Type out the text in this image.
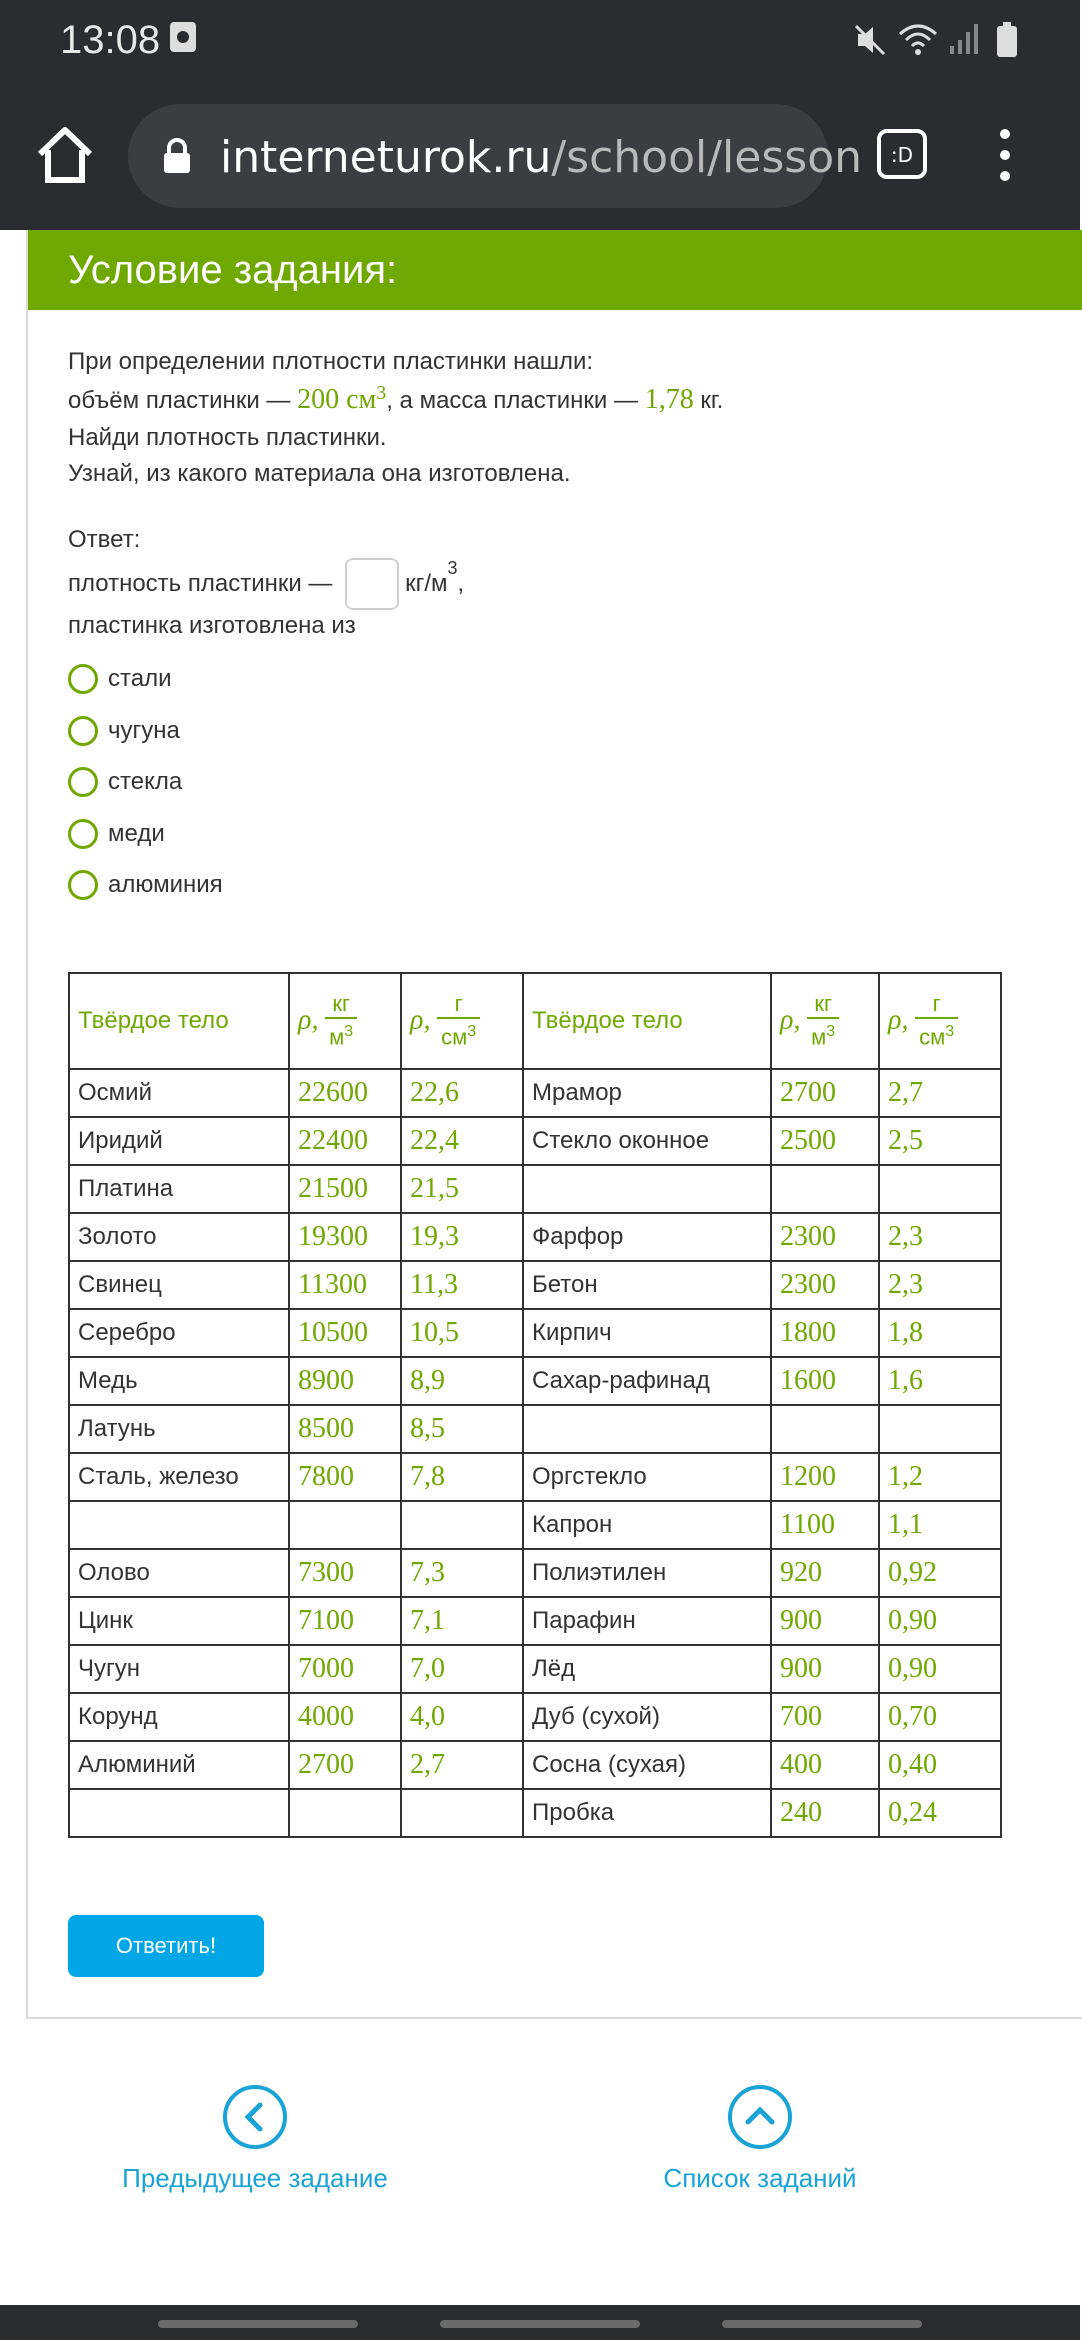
13:08
interneturok.ru/school/lesson :D
Условие задания:
При определении плотности пластинки нашли:
объём пластинки — 200 $см^3$, а масса пластинки — 1,78 кг.
Найди плотность пластинки.
Узнай, из какого материала она изготовлена.
Ответ:
плотность пластинки —	$кг/м^3$,
пластинка изготовлена из
стали
чугуна
стекла
меди
алюминия
Твёрдое тело	ρ, $\frac{кг}{м^3}$	ρ, $\frac{г}{см^3}$	Твёрдое тело	ρ, $\frac{кг}{м^3}$	ρ, $\frac{г}{см^3}$

Осмий	22600	22,6	Мрамор	2700	2,7
Иридий	22400	22,4	Стекло оконное	2500	2,5
Платина	21500	21,5			
Золото	19300	19,3	Фарфор	2300	2,3
Свинец	11300	11,3	Бетон	2300	2,3
Серебро	10500	10,5	Кирпич	1800	1,8
Медь	8900	8,9	Сахар-рафинад	1600	1,6
Латунь	8500	8,5			
Сталь, железо	7800	7,8	Оргстекло	1200	1,2
			Капрон	1100	1,1
Олово	7300	7,3	Полиэтилен	920	0,92
Цинк	7100	7,1	Парафин	900	0,90
Чугун	7000	7,0	Лёд	900	0,90
Корунд	4000	4,0	Дуб (сухой)	700	0,70
Алюминий	2700	2,7	Сосна (сухая)	400	0,40
			Пробка	240	0,24
Ответить!
Предыдущее задание	Список заданий
